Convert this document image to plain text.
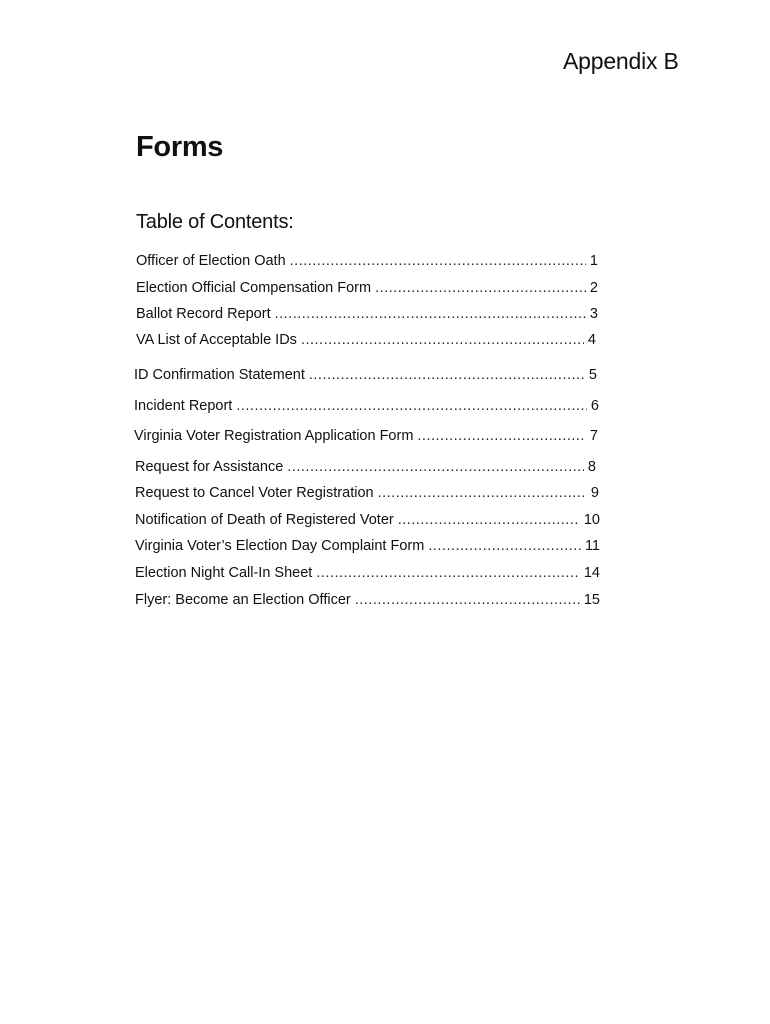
Appendix B
Forms
Table of Contents:
Officer of Election Oath .....	1
Election Official Compensation Form .....	2
Ballot Record Report .....	3
VA List of Acceptable IDs .....	4
ID Confirmation Statement .....	5
Incident Report .....	6
Virginia Voter Registration Application Form .....	7
Request for Assistance .....	8
Request to Cancel Voter Registration .....	9
Notification of Death of Registered Voter .....	10
Virginia Voter’s Election Day Complaint Form .....	11
Election Night Call-In Sheet .....	14
Flyer: Become an Election Officer .....	15
